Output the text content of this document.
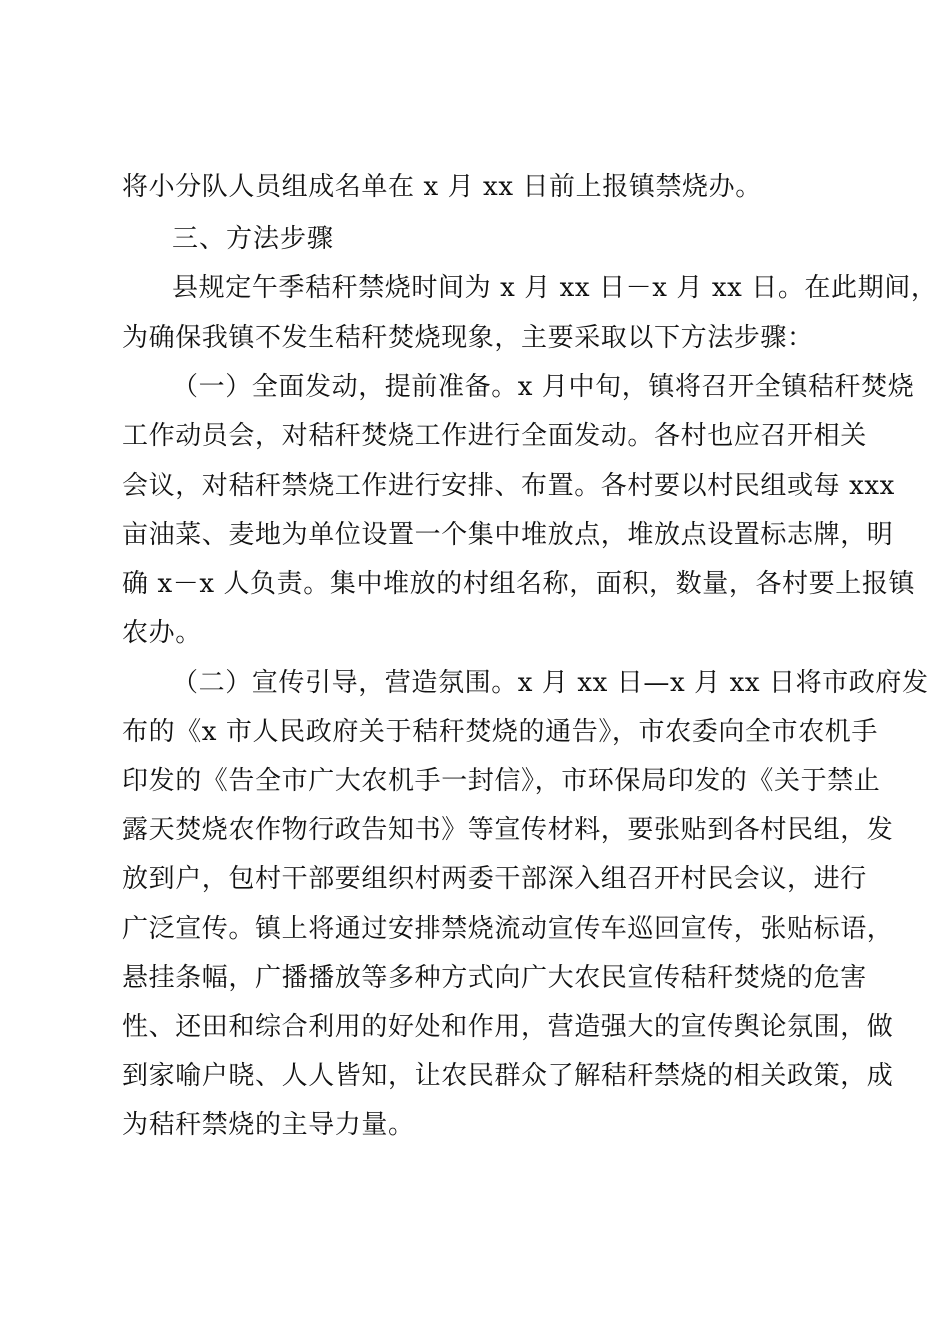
将小分队人员组成名单在 x 月 xx 日前上报镇禁烧办。
三、方法步骤
县规定午季秸秆禁烧时间为 x 月 xx 日－x 月 xx 日。在此期间，
为确保我镇不发生秸秆焚烧现象，主要采取以下方法步骤：
（一）全面发动，提前准备。x 月中旬，镇将召开全镇秸秆焚烧
工作动员会，对秸秆焚烧工作进行全面发动。各村也应召开相关
会议，对秸秆禁烧工作进行安排、布置。各村要以村民组或每 xxx
亩油菜、麦地为单位设置一个集中堆放点，堆放点设置标志牌，明
确 x－x 人负责。集中堆放的村组名称，面积，数量，各村要上报镇
农办。
（二）宣传引导，营造氛围。x 月 xx 日—x 月 xx 日将市政府发
布的《x 市人民政府关于秸秆焚烧的通告》，市农委向全市农机手
印发的《告全市广大农机手一封信》，市环保局印发的《关于禁止
露天焚烧农作物行政告知书》等宣传材料，要张贴到各村民组，发
放到户，包村干部要组织村两委干部深入组召开村民会议，进行
广泛宣传。镇上将通过安排禁烧流动宣传车巡回宣传，张贴标语，
悬挂条幅，广播播放等多种方式向广大农民宣传秸秆焚烧的危害
性、还田和综合利用的好处和作用，营造强大的宣传舆论氛围，做
到家喻户晓、人人皆知，让农民群众了解秸秆禁烧的相关政策，成
为秸秆禁烧的主导力量。
